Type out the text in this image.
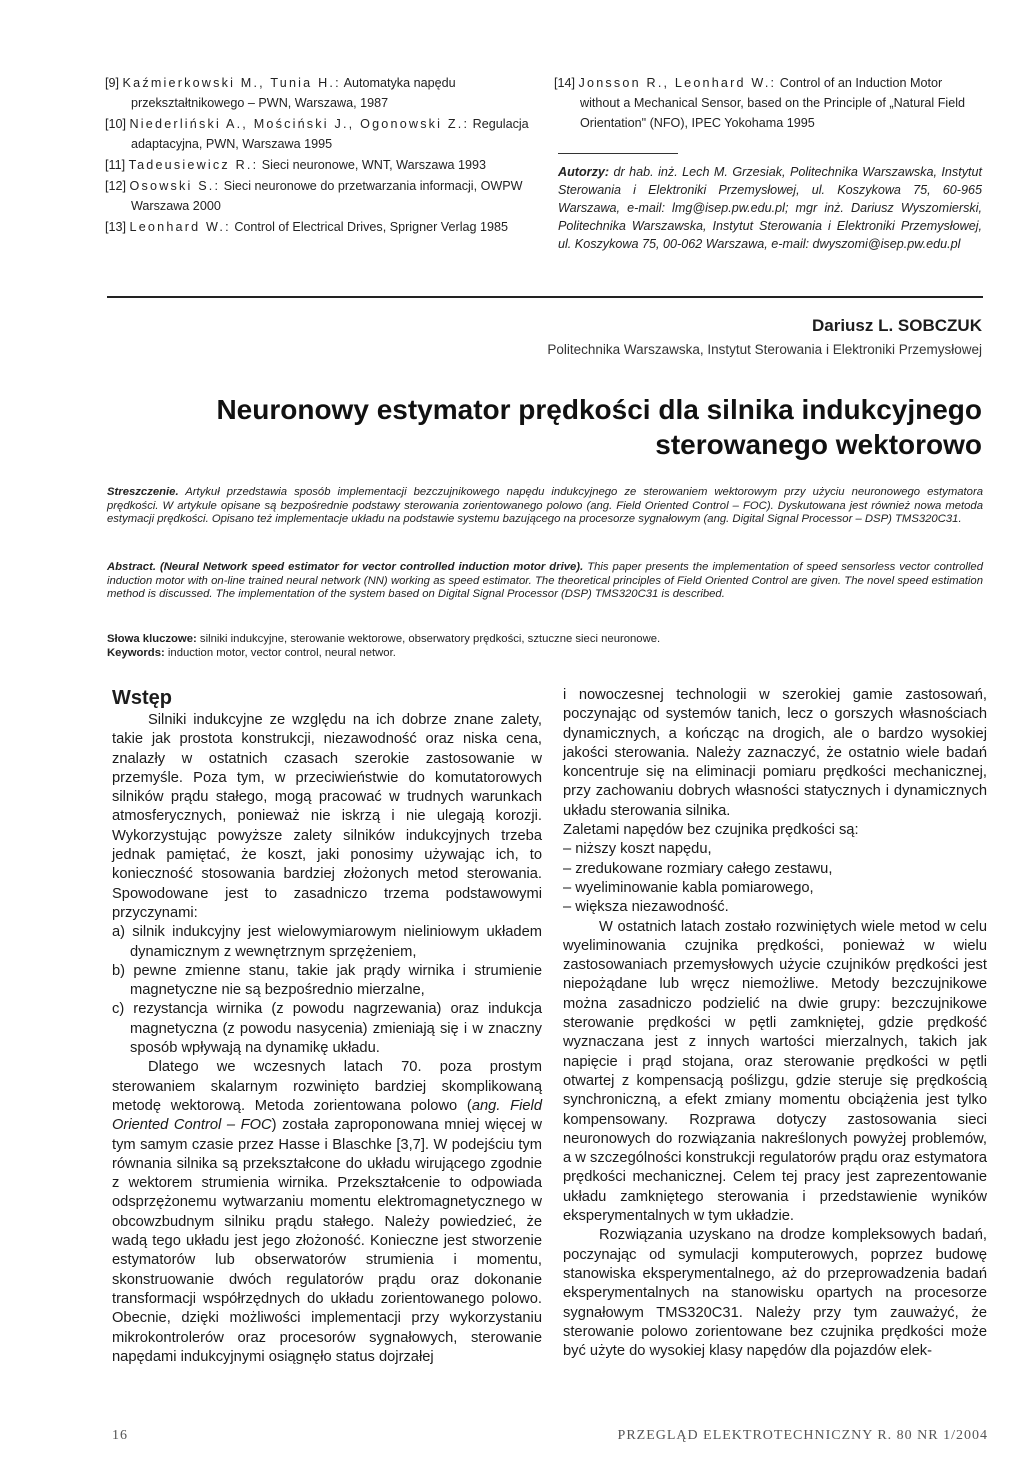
[9] Kaźmierkowski M., Tunia H.: Automatyka napędu przekształtnikowego – PWN, Warszawa, 1987
[10] Niederliński A., Mościński J., Ogonowski Z.: Regulacja adaptacyjna, PWN, Warszawa 1995
[11] Tadeusiewicz R.: Sieci neuronowe, WNT, Warszawa 1993
[12] Osowski S.: Sieci neuronowe do przetwarzania informacji, OWPW Warszawa 2000
[13] Leonhard W.: Control of Electrical Drives, Sprigner Verlag 1985
[14] Jonsson R., Leonhard W.: Control of an Induction Motor without a Mechanical Sensor, based on the Principle of „Natural Field Orientation" (NFO), IPEC Yokohama 1995
Autorzy: dr hab. inż. Lech M. Grzesiak, Politechnika Warszawska, Instytut Sterowania i Elektroniki Przemysłowej, ul. Koszykowa 75, 60-965 Warszawa, e-mail: lmg@isep.pw.edu.pl; mgr inż. Dariusz Wyszomierski, Politechnika Warszawska, Instytut Sterowania i Elektroniki Przemysłowej, ul. Koszykowa 75, 00-062 Warszawa, e-mail: dwyszomi@isep.pw.edu.pl
Dariusz L. SOBCZUK
Politechnika Warszawska, Instytut Sterowania i Elektroniki Przemysłowej
Neuronowy estymator prędkości dla silnika indukcyjnego
sterowanego wektorowo
Streszczenie. Artykuł przedstawia sposób implementacji bezczujnikowego napędu indukcyjnego ze sterowaniem wektorowym przy użyciu neuronowego estymatora prędkości. W artykule opisane są bezpośrednie podstawy sterowania zorientowanego polowo (ang. Field Oriented Control – FOC). Dyskutowana jest również nowa metoda estymacji prędkości. Opisano też implementacje układu na podstawie systemu bazującego na procesorze sygnałowym (ang. Digital Signal Processor – DSP) TMS320C31.
Abstract. (Neural Network speed estimator for vector controlled induction motor drive). This paper presents the implementation of speed sensorless vector controlled induction motor with on-line trained neural network (NN) working as speed estimator. The theoretical principles of Field Oriented Control are given. The novel speed estimation method is discussed. The implementation of the system based on Digital Signal Processor (DSP) TMS320C31 is described.
Słowa kluczowe: silniki indukcyjne, sterowanie wektorowe, obserwatory prędkości, sztuczne sieci neuronowe.
Keywords: induction motor, vector control, neural networ.
Wstęp

Silniki indukcyjne ze względu na ich dobrze znane zalety, takie jak prostota konstrukcji, niezawodność oraz niska cena, znalazły w ostatnich czasach szerokie zastosowanie w przemyśle. Poza tym, w przeciwieństwie do komutatorowych silników prądu stałego, mogą pracować w trudnych warunkach atmosferycznych, ponieważ nie iskrzą i nie ulegają korozji. Wykorzystując powyższe zalety silników indukcyjnych trzeba jednak pamiętać, że koszt, jaki ponosimy używając ich, to konieczność stosowania bardziej złożonych metod sterowania. Spowodowane jest to zasadniczo trzema podstawowymi przyczynami:

a) silnik indukcyjny jest wielowymiarowym nieliniowym układem dynamicznym z wewnętrznym sprzężeniem,

b) pewne zmienne stanu, takie jak prądy wirnika i strumienie magnetyczne nie są bezpośrednio mierzalne,

c) rezystancja wirnika (z powodu nagrzewania) oraz indukcja magnetyczna (z powodu nasycenia) zmieniają się i w znaczny sposób wpływają na dynamikę układu.

Dlatego we wczesnych latach 70. poza prostym sterowaniem skalarnym rozwinięto bardziej skomplikowaną metodę wektorową. Metoda zorientowana polowo (ang. Field Oriented Control – FOC) została zaproponowana mniej więcej w tym samym czasie przez Hasse i Blaschke [3,7]. W podejściu tym równania silnika są przekształcone do układu wirującego zgodnie z wektorem strumienia wirnika. Przekształcenie to odpowiada odsprzężonemu wytwarzaniu momentu elektromagnetycznego w obcowzbudnym silniku prądu stałego. Należy powiedzieć, że wadą tego układu jest jego złożoność. Konieczne jest stworzenie estymatorów lub obserwatorów strumienia i momentu, skonstruowanie dwóch regulatorów prądu oraz dokonanie transformacji współrzędnych do układu zorientowanego polowo. Obecnie, dzięki możliwości implementacji przy wykorzystaniu mikrokontrolerów oraz procesorów sygnałowych, sterowanie napędami indukcyjnymi osiągnęło status dojrzałej

i nowoczesnej technologii w szerokiej gamie zastosowań, poczynając od systemów tanich, lecz o gorszych własnościach dynamicznych, a kończąc na drogich, ale o bardzo wysokiej jakości sterowania. Należy zaznaczyć, że ostatnio wiele badań koncentruje się na eliminacji pomiaru prędkości mechanicznej, przy zachowaniu dobrych własności statycznych i dynamicznych układu sterowania silnika.

Zaletami napędów bez czujnika prędkości są:

– niższy koszt napędu,

– zredukowane rozmiary całego zestawu,

– wyeliminowanie kabla pomiarowego,

– większa niezawodność.

W ostatnich latach zostało rozwiniętych wiele metod w celu wyeliminowania czujnika prędkości, ponieważ w wielu zastosowaniach przemysłowych użycie czujników prędkości jest niepożądane lub wręcz niemożliwe. Metody bezczujnikowe można zasadniczo podzielić na dwie grupy: bezczujnikowe sterowanie prędkości w pętli zamkniętej, gdzie prędkość wyznaczana jest z innych wartości mierzalnych, takich jak napięcie i prąd stojana, oraz sterowanie prędkości w pętli otwartej z kompensacją poślizgu, gdzie steruje się prędkością synchroniczną, a efekt zmiany momentu obciążenia jest tylko kompensowany. Rozprawa dotyczy zastosowania sieci neuronowych do rozwiązania nakreślonych powyżej problemów, a w szczególności konstrukcji regulatorów prądu oraz estymatora prędkości mechanicznej. Celem tej pracy jest zaprezentowanie układu zamkniętego sterowania i przedstawienie wyników eksperymentalnych w tym układzie.

Rozwiązania uzyskano na drodze kompleksowych badań, poczynając od symulacji komputerowych, poprzez budowę stanowiska eksperymentalnego, aż do przeprowadzenia badań eksperymentalnych na stanowisku opartych na procesorze sygnałowym TMS320C31. Należy przy tym zauważyć, że sterowanie polowo zorientowane bez czujnika prędkości może być użyte do wysokiej klasy napędów dla pojazdów elek-

16	PRZEGLĄD ELEKTROTECHNICZNY R. 80 NR 1/2004
